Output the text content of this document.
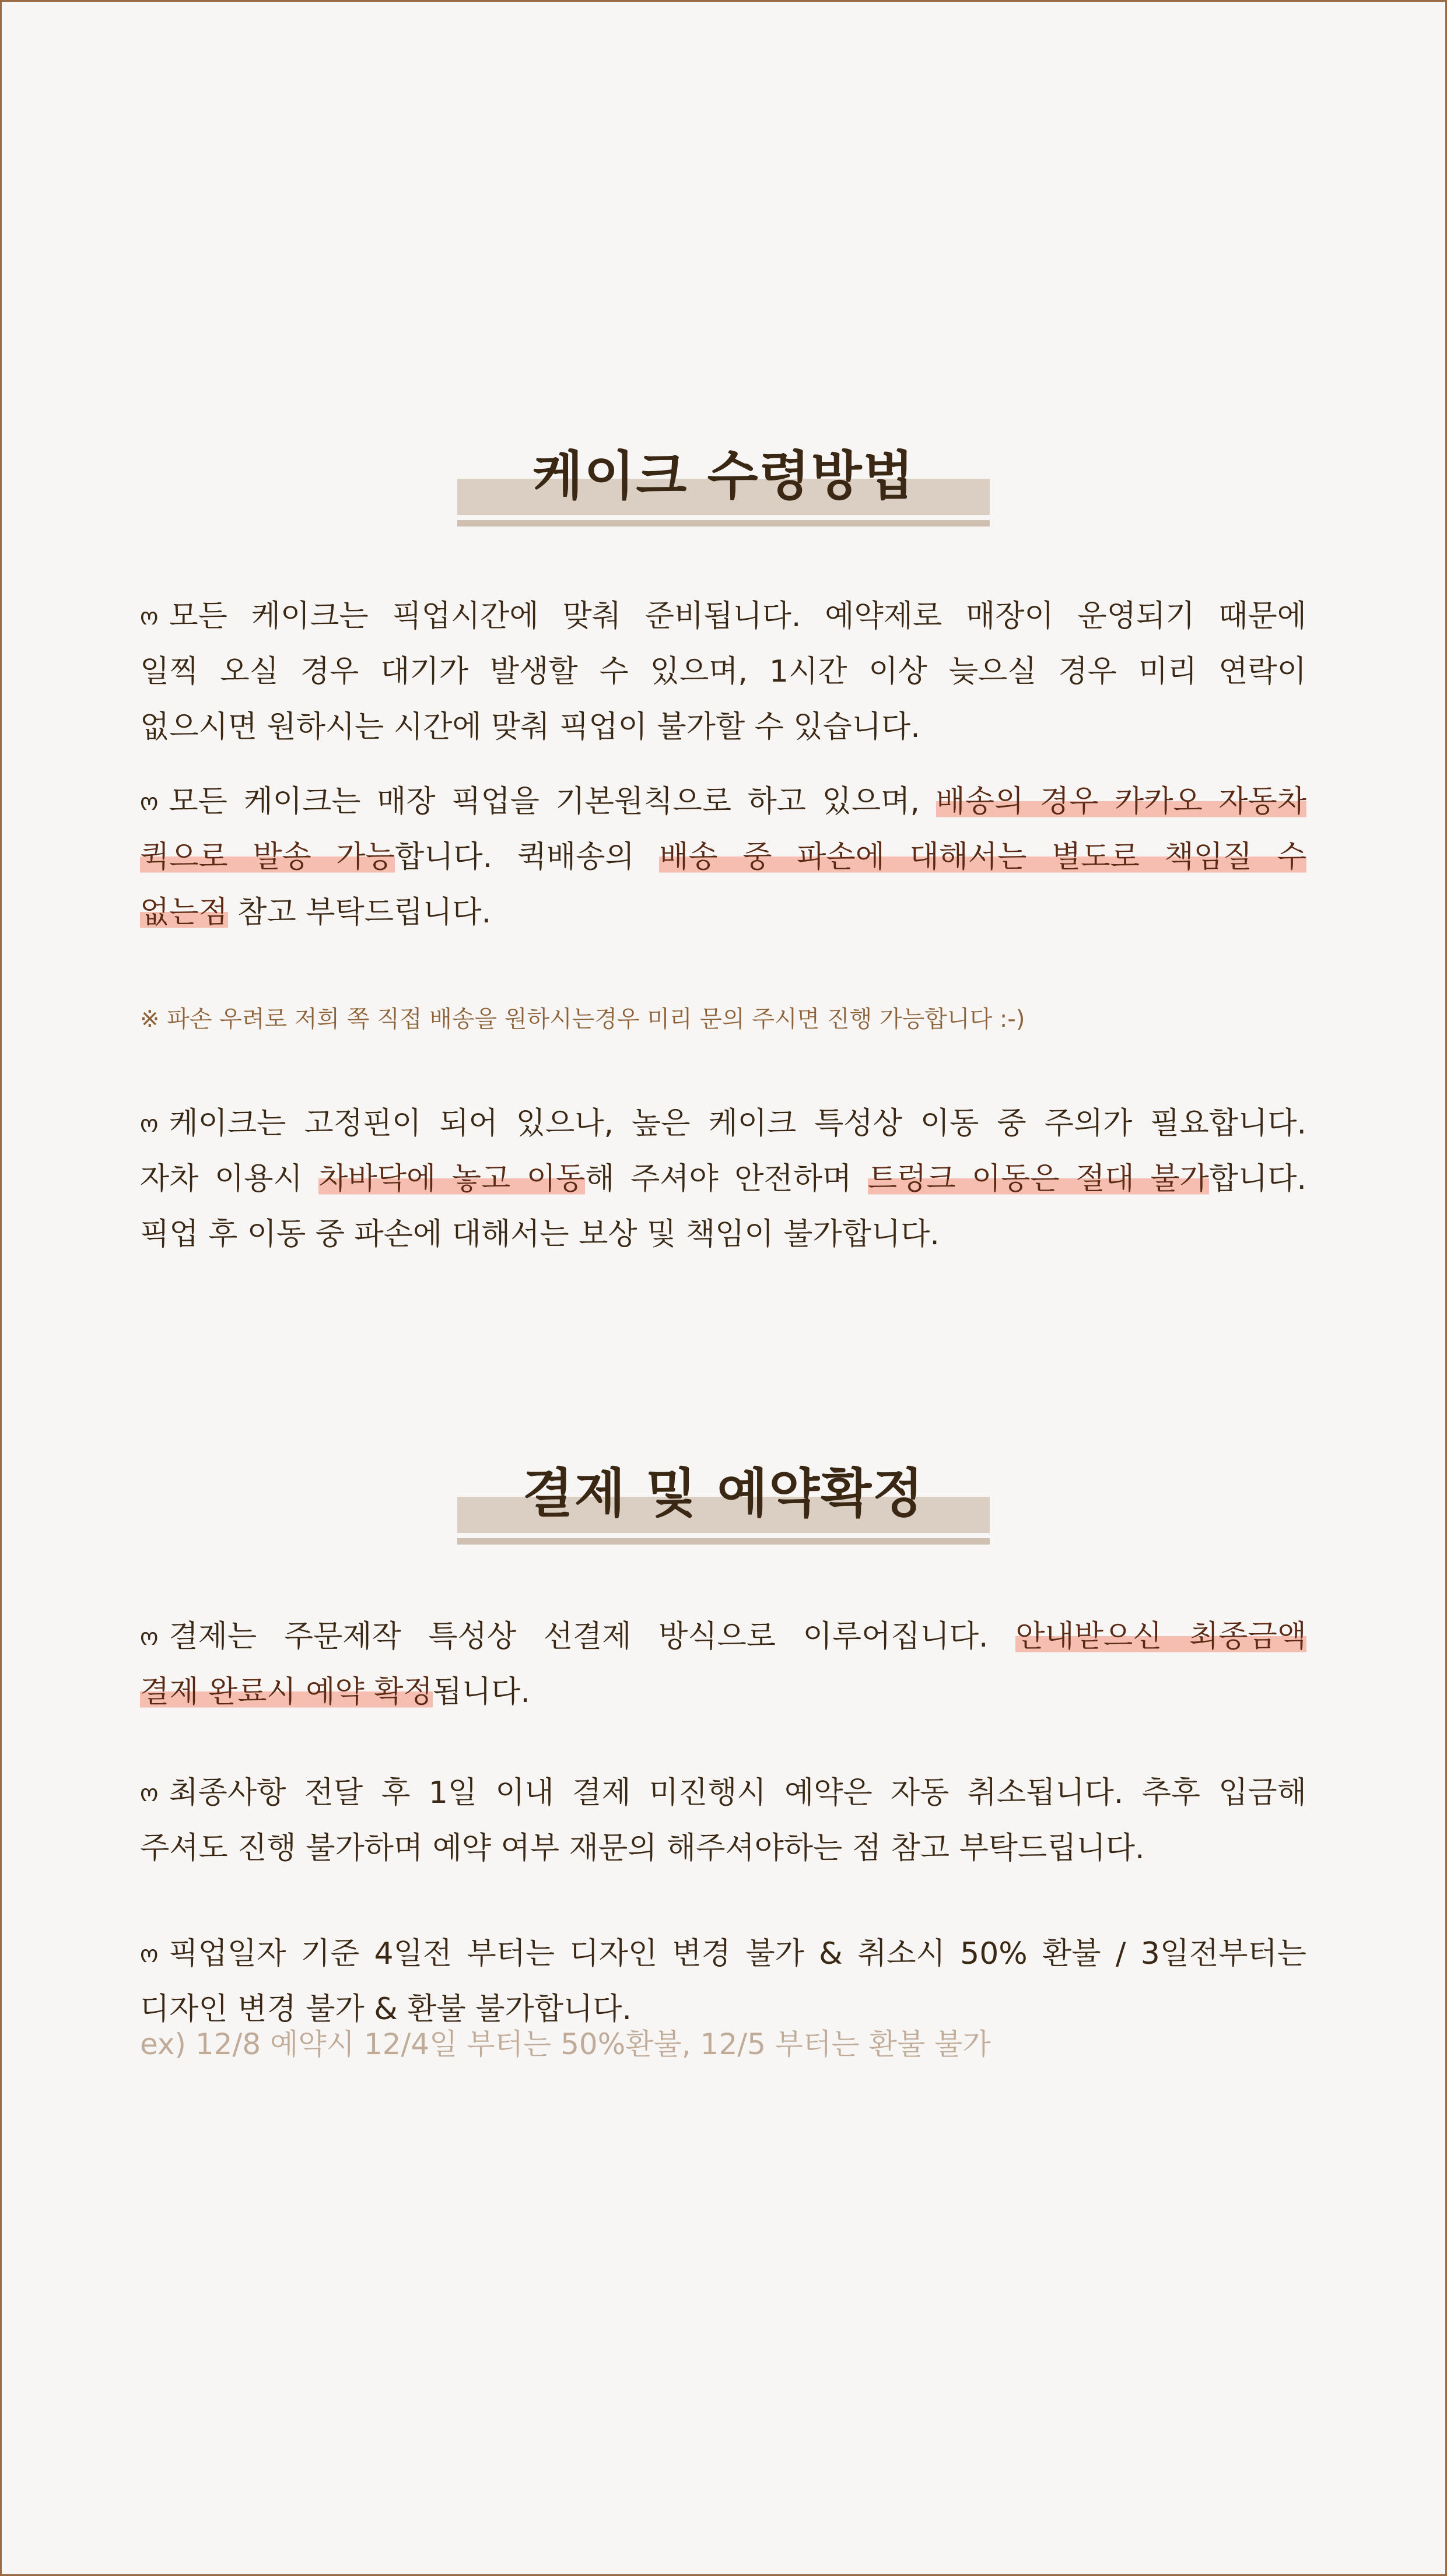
케이크 수령방법
ო 모든 케이크는 픽업시간에 맞춰 준비됩니다. 예약제로 매장이 운영되기 때문에
일찍 오실 경우 대기가 발생할 수 있으며, 1시간 이상 늦으실 경우 미리 연락이
없으시면 원하시는 시간에 맞춰 픽업이 불가할 수 있습니다.
ო 모든 케이크는 매장 픽업을 기본원칙으로 하고 있으며, 배송의 경우 카카오 자동차
퀵으로 발송 가능합니다. 퀵배송의 배송 중 파손에 대해서는 별도로 책임질 수
없는점 참고 부탁드립니다.
※ 파손 우려로 저희 쪽 직접 배송을 원하시는경우 미리 문의 주시면 진행 가능합니다 :-)
ო 케이크는 고정핀이 되어 있으나, 높은 케이크 특성상 이동 중 주의가 필요합니다.
자차 이용시 차바닥에 놓고 이동해 주셔야 안전하며 트렁크 이동은 절대 불가합니다.
픽업 후 이동 중 파손에 대해서는 보상 및 책임이 불가합니다.
결제 및 예약확정
ო 결제는 주문제작 특성상 선결제 방식으로 이루어집니다. 안내받으신 최종금액
결제 완료시 예약 확정됩니다.
ო 최종사항 전달 후 1일 이내 결제 미진행시 예약은 자동 취소됩니다. 추후 입금해
주셔도 진행 불가하며 예약 여부 재문의 해주셔야하는 점 참고 부탁드립니다.
ო 픽업일자 기준 4일전 부터는 디자인 변경 불가 & 취소시 50% 환불 / 3일전부터는
디자인 변경 불가 & 환불 불가합니다.
ex) 12/8 예약시 12/4일 부터는 50%환불, 12/5 부터는 환불 불가
